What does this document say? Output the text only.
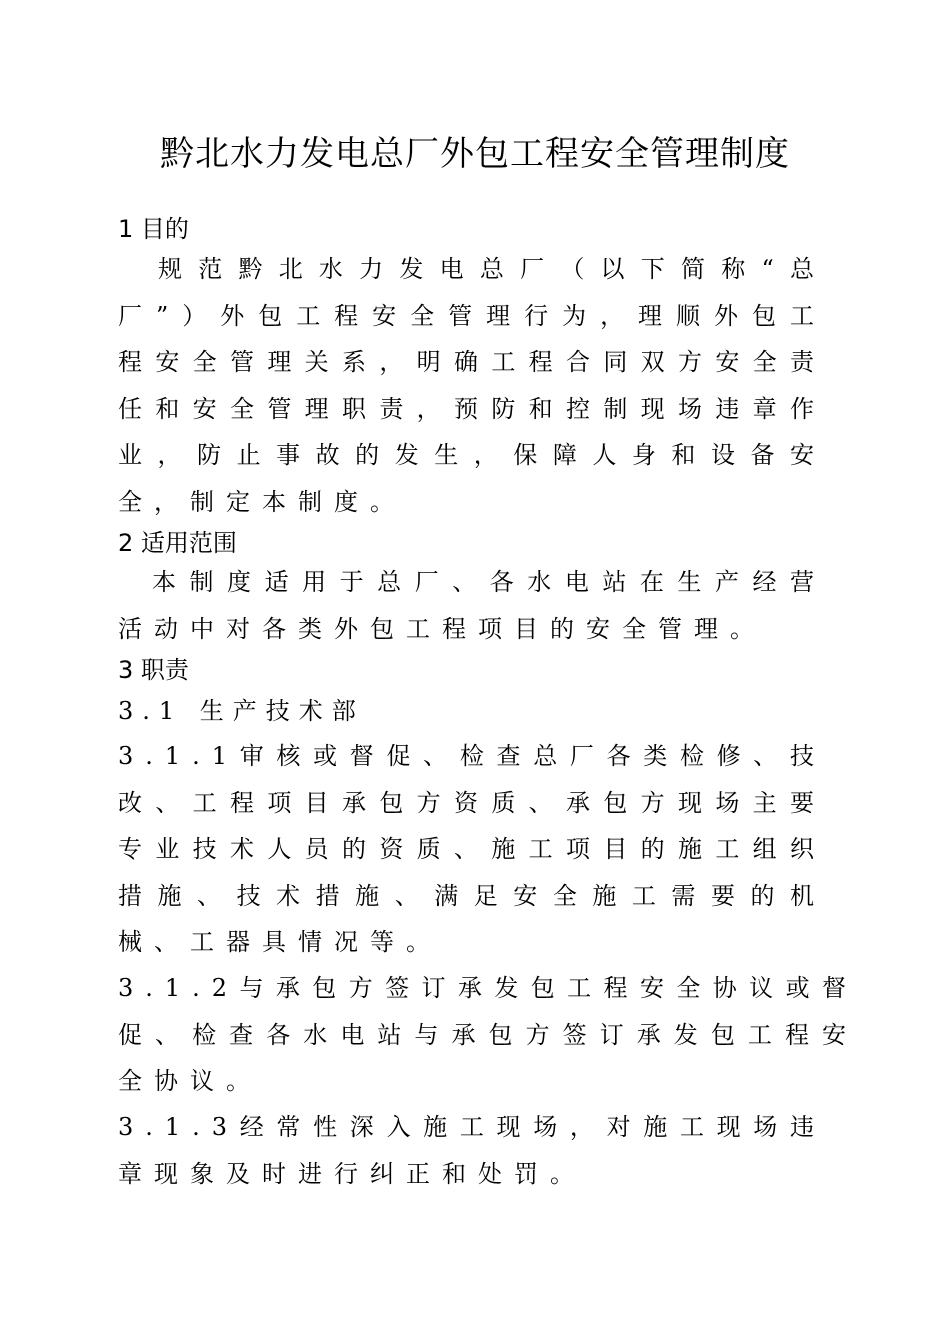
黔北水力发电总厂外包工程安全管理制度
1 目的
规范黔北水力发电总厂（以下简称“总厂”）外包工程安全管理行为，理顺外包工程安全管理关系，明确工程合同双方安全责任和安全管理职责，预防和控制现场违章作业，防止事故的发生，保障人身和设备安全，制定本制度。
2 适用范围
本制度适用于总厂、各水电站在生产经营活动中对各类外包工程项目的安全管理。
3 职责
3.1 生产技术部
3.1.1审核或督促、检查总厂各类检修、技改、工程项目承包方资质、承包方现场主要专业技术人员的资质、施工项目的施工组织措施、技术措施、满足安全施工需要的机械、工器具情况等。
3.1.2与承包方签订承发包工程安全协议或督促、检查各水电站与承包方签订承发包工程安全协议。
3.1.3经常性深入施工现场，对施工现场违章现象及时进行纠正和处罚。
